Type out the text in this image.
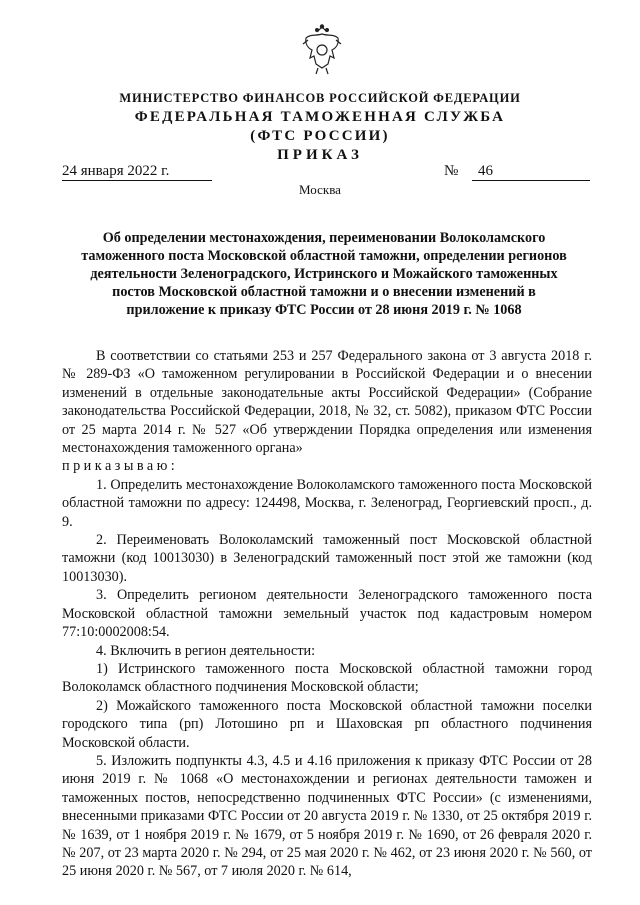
МИНИСТЕРСТВО ФИНАНСОВ РОССИЙСКОЙ ФЕДЕРАЦИИ
ФЕДЕРАЛЬНАЯ ТАМОЖЕННАЯ СЛУЖБА
(ФТС РОССИИ)
ПРИКАЗ
24 января 2022 г.	№	46
Москва
Об определении местонахождения, переименовании Волоколамского таможенного поста Московской областной таможни, определении регионов деятельности Зеленоградского, Истринского и Можайского таможенных постов Московской областной таможни и о внесении изменений в приложение к приказу ФТС России от 28 июня 2019 г. № 1068

В соответствии со статьями 253 и 257 Федерального закона от 3 августа 2018 г. № 289-ФЗ «О таможенном регулировании в Российской Федерации и о внесении изменений в отдельные законодательные акты Российской Федерации» (Собрание законодательства Российской Федерации, 2018, № 32, ст. 5082), приказом ФТС России от 25 марта 2014 г. № 527 «Об утверждении Порядка определения или изменения местонахождения таможенного органа»

приказываю:

1. Определить местонахождение Волоколамского таможенного поста Московской областной таможни по адресу: 124498, Москва, г. Зеленоград, Георгиевский просп., д. 9.

2. Переименовать Волоколамский таможенный пост Московской областной таможни (код 10013030) в Зеленоградский таможенный пост этой же таможни (код 10013030).

3. Определить регионом деятельности Зеленоградского таможенного поста Московской областной таможни земельный участок под кадастровым номером 77:10:0002008:54.

4. Включить в регион деятельности:

1) Истринского таможенного поста Московской областной таможни город Волоколамск областного подчинения Московской области;

2) Можайского таможенного поста Московской областной таможни поселки городского типа (рп) Лотошино рп и Шаховская рп областного подчинения Московской области.

5. Изложить подпункты 4.3, 4.5 и 4.16 приложения к приказу ФТС России от 28 июня 2019 г. № 1068 «О местонахождении и регионах деятельности таможен и таможенных постов, непосредственно подчиненных ФТС России» (с изменениями, внесенными приказами ФТС России от 20 августа 2019 г. № 1330, от 25 октября 2019 г. № 1639, от 1 ноября 2019 г. № 1679, от 5 ноября 2019 г. № 1690, от 26 февраля 2020 г. № 207, от 23 марта 2020 г. № 294, от 25 мая 2020 г. № 462, от 23 июня 2020 г. № 560, от 25 июня 2020 г. № 567, от 7 июля 2020 г. № 614,
